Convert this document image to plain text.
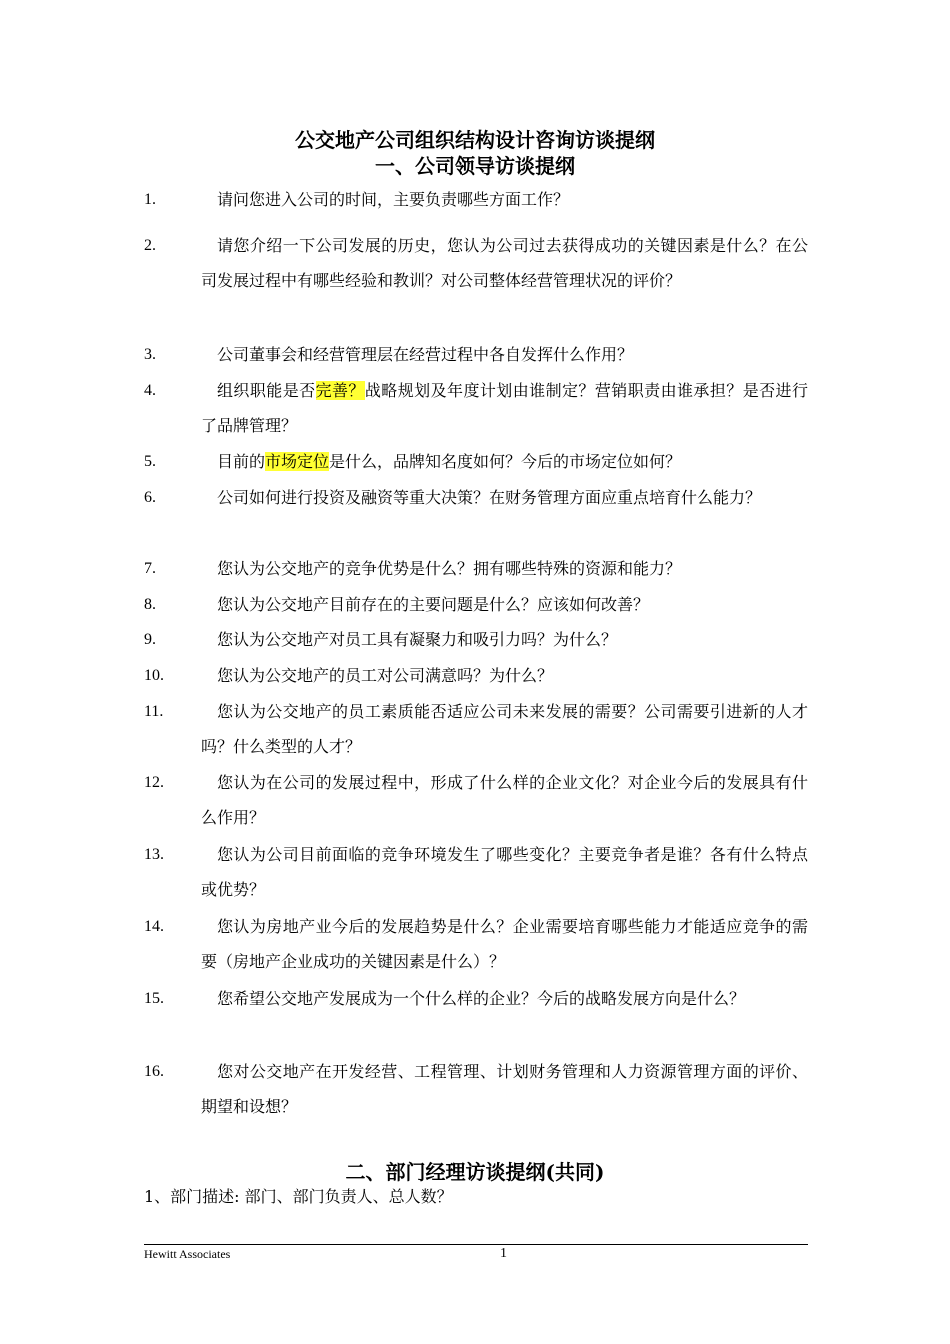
公交地产公司组织结构设计咨询访谈提纲
一、公司领导访谈提纲
1.	请问您进入公司的时间，主要负责哪些方面工作？
2.	请您介绍一下公司发展的历史，您认为公司过去获得成功的关键因素是什么？在公司发展过程中有哪些经验和教训？对公司整体经营管理状况的评价？
3.	公司董事会和经营管理层在经营过程中各自发挥什么作用？
4.	组织职能是否完善？战略规划及年度计划由谁制定？营销职责由谁承担？是否进行了品牌管理？
5.	目前的市场定位是什么，品牌知名度如何？今后的市场定位如何？
6.	公司如何进行投资及融资等重大决策？在财务管理方面应重点培育什么能力？
7.	您认为公交地产的竞争优势是什么？拥有哪些特殊的资源和能力？
8.	您认为公交地产目前存在的主要问题是什么？应该如何改善？
9.	您认为公交地产对员工具有凝聚力和吸引力吗？为什么？
10.	您认为公交地产的员工对公司满意吗？为什么？
11.	您认为公交地产的员工素质能否适应公司未来发展的需要？公司需要引进新的人才吗？什么类型的人才？
12.	您认为在公司的发展过程中，形成了什么样的企业文化？对企业今后的发展具有什么作用？
13.	您认为公司目前面临的竞争环境发生了哪些变化？主要竞争者是谁？各有什么特点或优势？
14.	您认为房地产业今后的发展趋势是什么？企业需要培育哪些能力才能适应竞争的需要（房地产企业成功的关键因素是什么）？
15.	您希望公交地产发展成为一个什么样的企业？今后的战略发展方向是什么？
16.	您对公交地产在开发经营、工程管理、计划财务管理和人力资源管理方面的评价、期望和设想？
二、部门经理访谈提纲(共同)
1、部门描述: 部门、部门负责人、总人数？
Hewitt Associates	1
